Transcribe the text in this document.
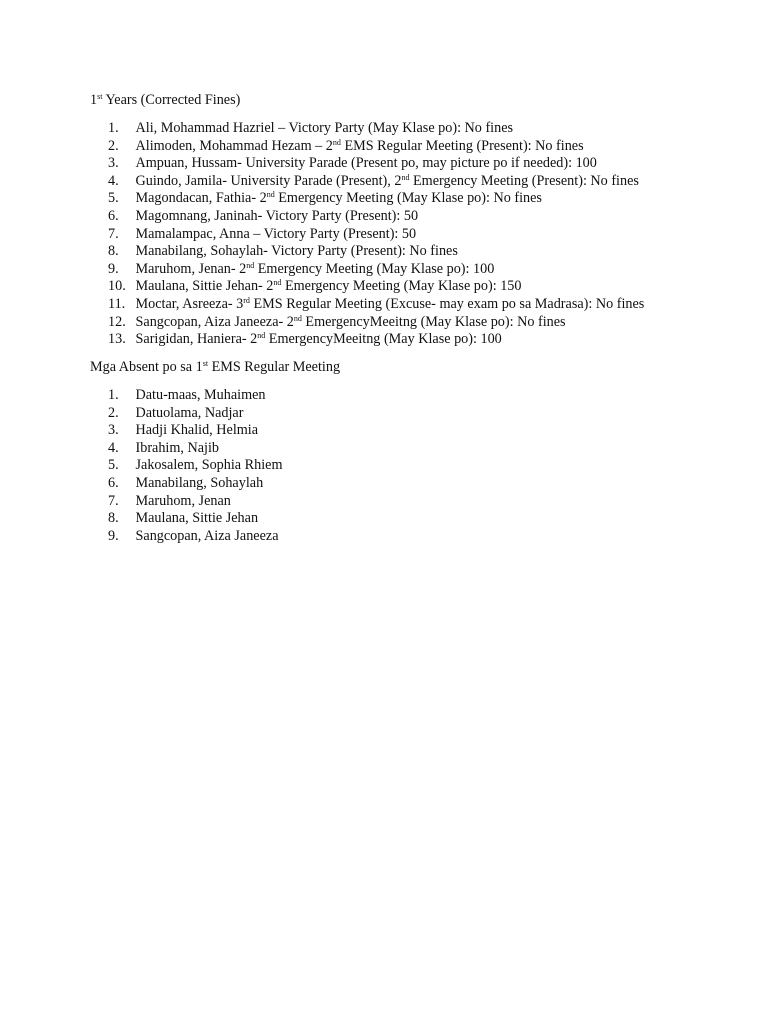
1st Years (Corrected Fines)
1.	Ali, Mohammad Hazriel – Victory Party (May Klase po): No fines
2.	Alimoden, Mohammad Hezam – 2nd EMS Regular Meeting (Present): No fines
3.	Ampuan, Hussam- University Parade (Present po, may picture po if needed): 100
4.	Guindo, Jamila- University Parade (Present), 2nd Emergency Meeting (Present): No fines
5.	Magondacan, Fathia- 2nd Emergency Meeting (May Klase po): No fines
6.	Magomnang, Janinah- Victory Party (Present): 50
7.	Mamalampac, Anna – Victory Party (Present): 50
8.	Manabilang, Sohaylah- Victory Party (Present): No fines
9.	Maruhom, Jenan- 2nd Emergency Meeting (May Klase po): 100
10. Maulana, Sittie Jehan- 2nd Emergency Meeting (May Klase po): 150
11. Moctar, Asreeza- 3rd EMS Regular Meeting (Excuse- may exam po sa Madrasa): No fines
12. Sangcopan, Aiza Janeeza- 2nd EmergencyMeeitng (May Klase po): No fines
13. Sarigidan, Haniera- 2nd EmergencyMeeitng (May Klase po): 100
Mga Absent po sa 1st EMS Regular Meeting
1.	Datu-maas, Muhaimen
2.	Datuolama, Nadjar
3.	Hadji Khalid, Helmia
4.	Ibrahim, Najib
5.	Jakosalem, Sophia Rhiem
6.	Manabilang, Sohaylah
7.	Maruhom, Jenan
8.	Maulana, Sittie Jehan
9.	Sangcopan, Aiza Janeeza
